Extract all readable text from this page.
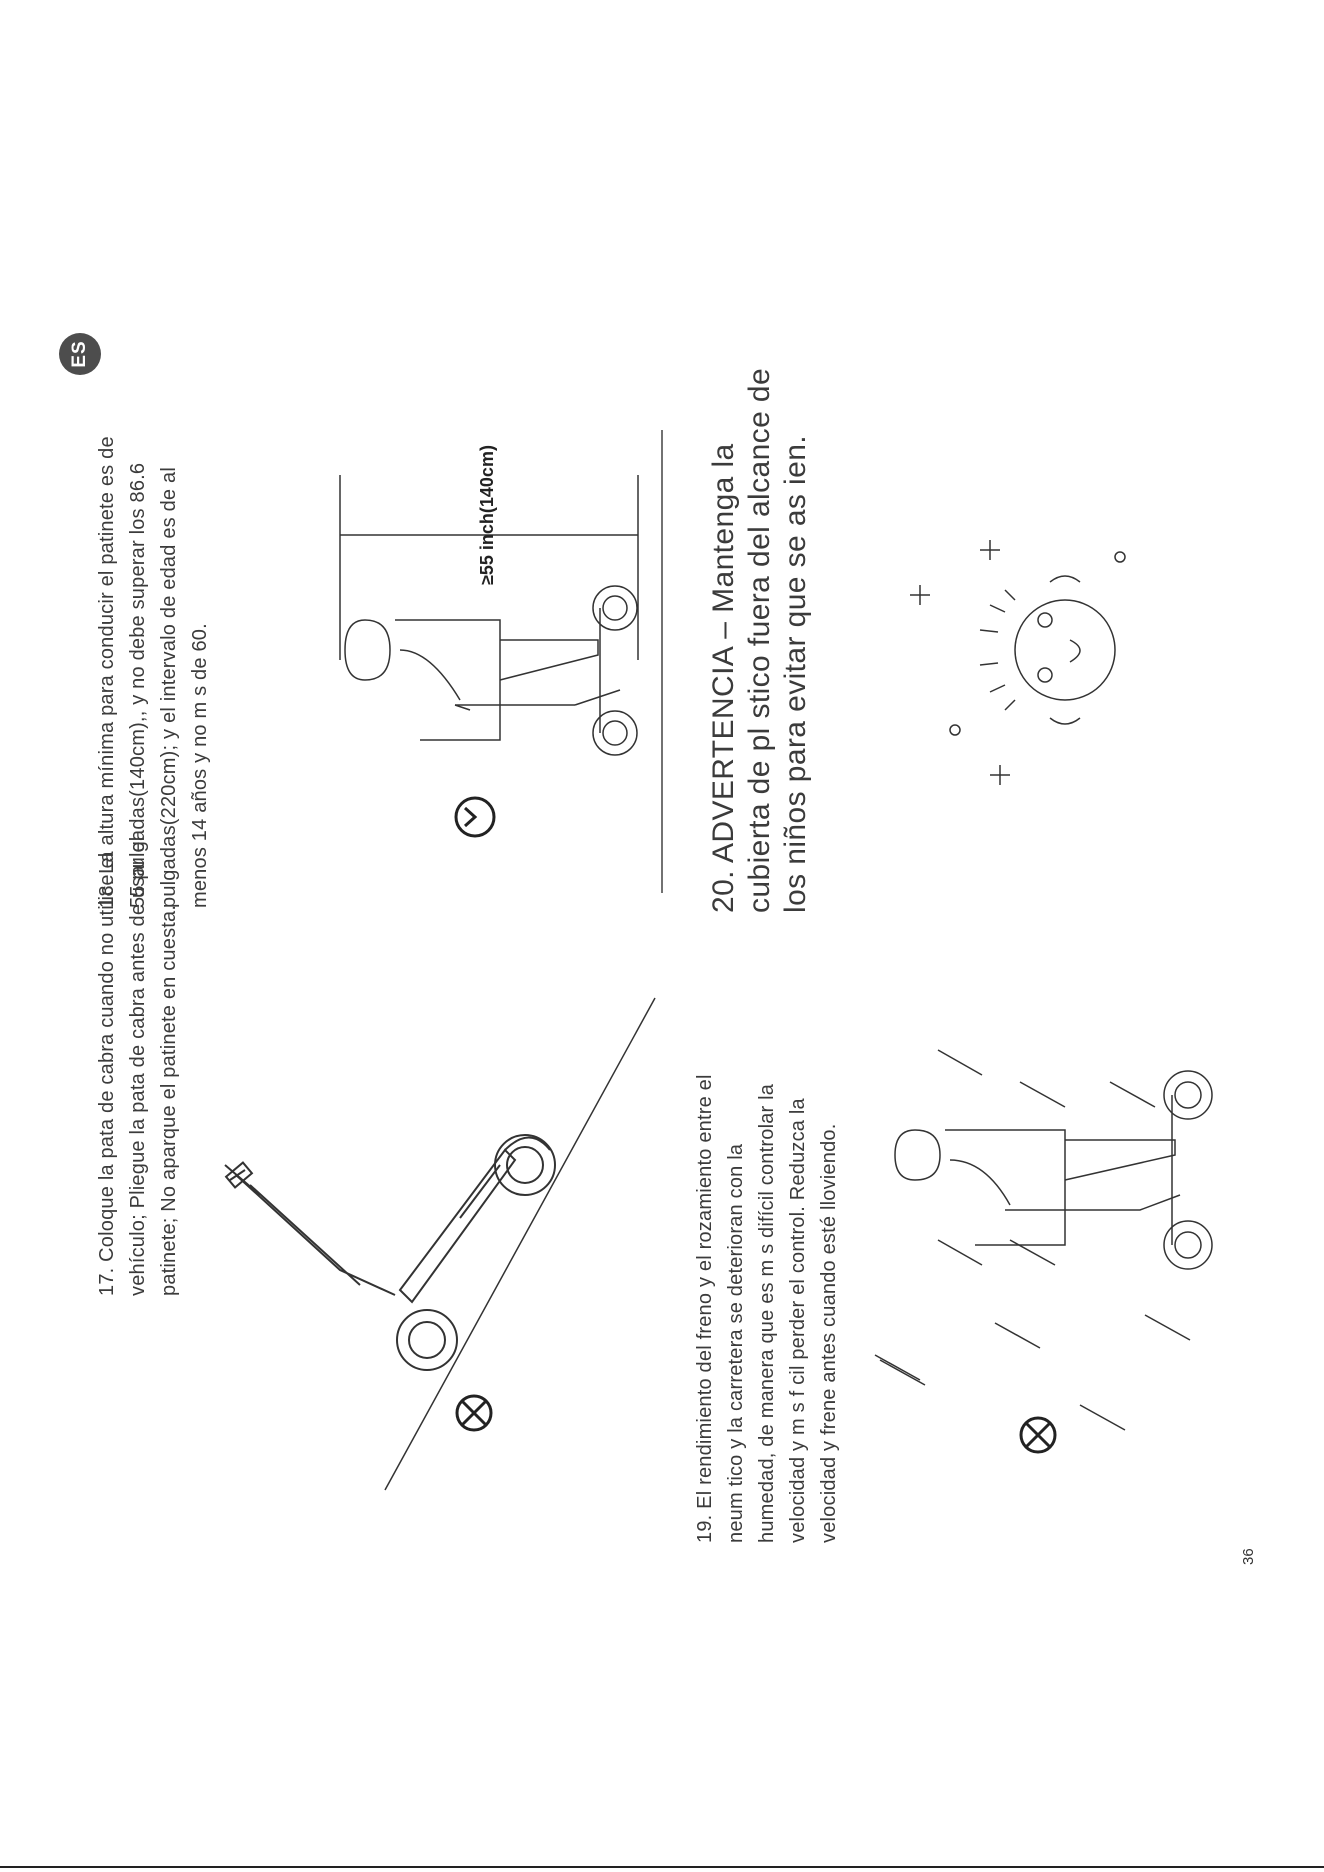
ES
17. Coloque la pata de cabra cuando no utilice el vehículo; Pliegue la pata de cabra antes de usar el patinete; No aparque el patinete en cuesta.
18. La altura mínima para conducir el patinete es de 55 pulgadas(140cm),, y no debe superar los 86.6 pulgadas(220cm); y el intervalo de edad es de al menos 14 años y no m s de 60.
19. El rendimiento del freno y el rozamiento entre el neum tico y la carretera se deterioran con la humedad, de manera que es m s difícil controlar la velocidad y m s f cil perder el control. Reduzca la velocidad y frene antes cuando esté lloviendo.
20. ADVERTENCIA – Mantenga la cubierta de pl stico fuera del alcance de los niños para evitar que se as ien.
≥55 inch(140cm)
36
